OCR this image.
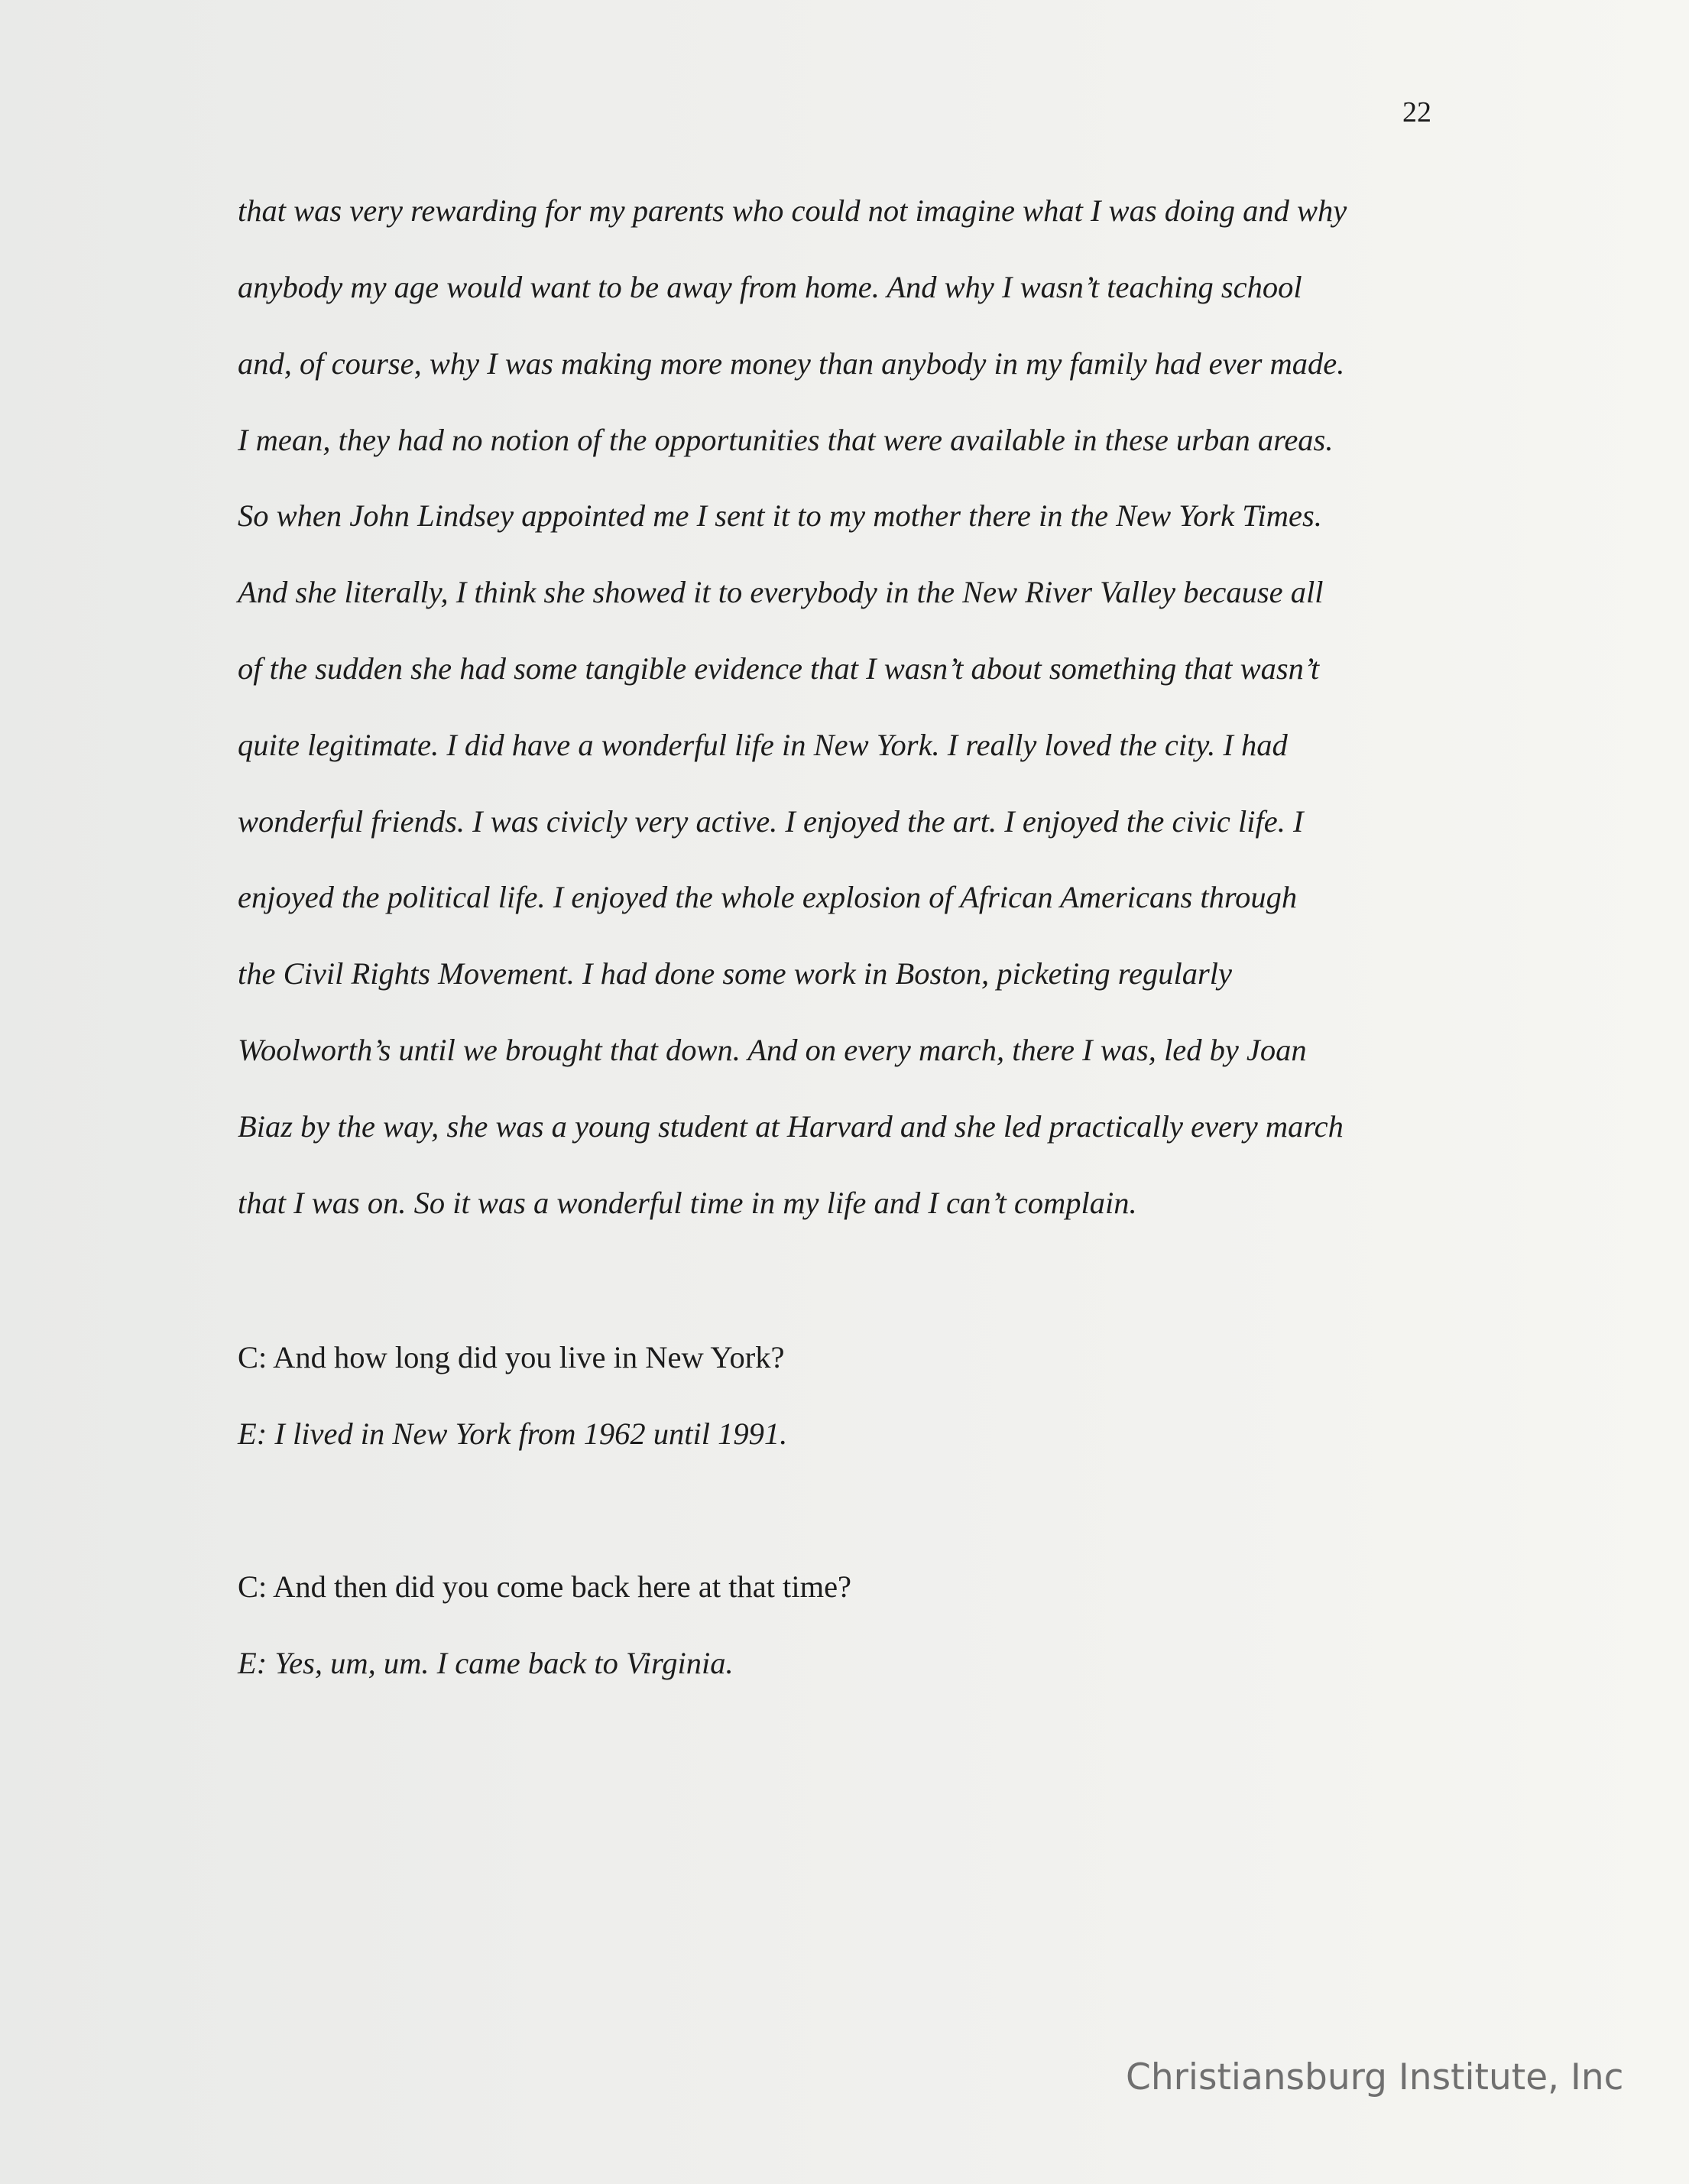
22
that was very rewarding for my parents who could not imagine what I was doing and why
anybody my age would want to be away from home. And why I wasn’t teaching school
and, of course, why I was making more money than anybody in my family had ever made.
I mean, they had no notion of the opportunities that were available in these urban areas.
So when John Lindsey appointed me I sent it to my mother there in the New York Times.
And she literally, I think she showed it to everybody in the New River Valley because all
of the sudden she had some tangible evidence that I wasn’t about something that wasn’t
quite legitimate. I did have a wonderful life in New York. I really loved the city. I had
wonderful friends. I was civicly very active. I enjoyed the art. I enjoyed the civic life. I
enjoyed the political life. I enjoyed the whole explosion of African Americans through
the Civil Rights Movement. I had done some work in Boston, picketing regularly
Woolworth’s until we brought that down. And on every march, there I was, led by Joan
Biaz by the way, she was a young student at Harvard and she led practically every march
that I was on. So it was a wonderful time in my life and I can’t complain.
C: And how long did you live in New York?
E: I lived in New York from 1962 until 1991.
C: And then did you come back here at that time?
E: Yes, um, um. I came back to Virginia.
Christiansburg Institute, Inc
